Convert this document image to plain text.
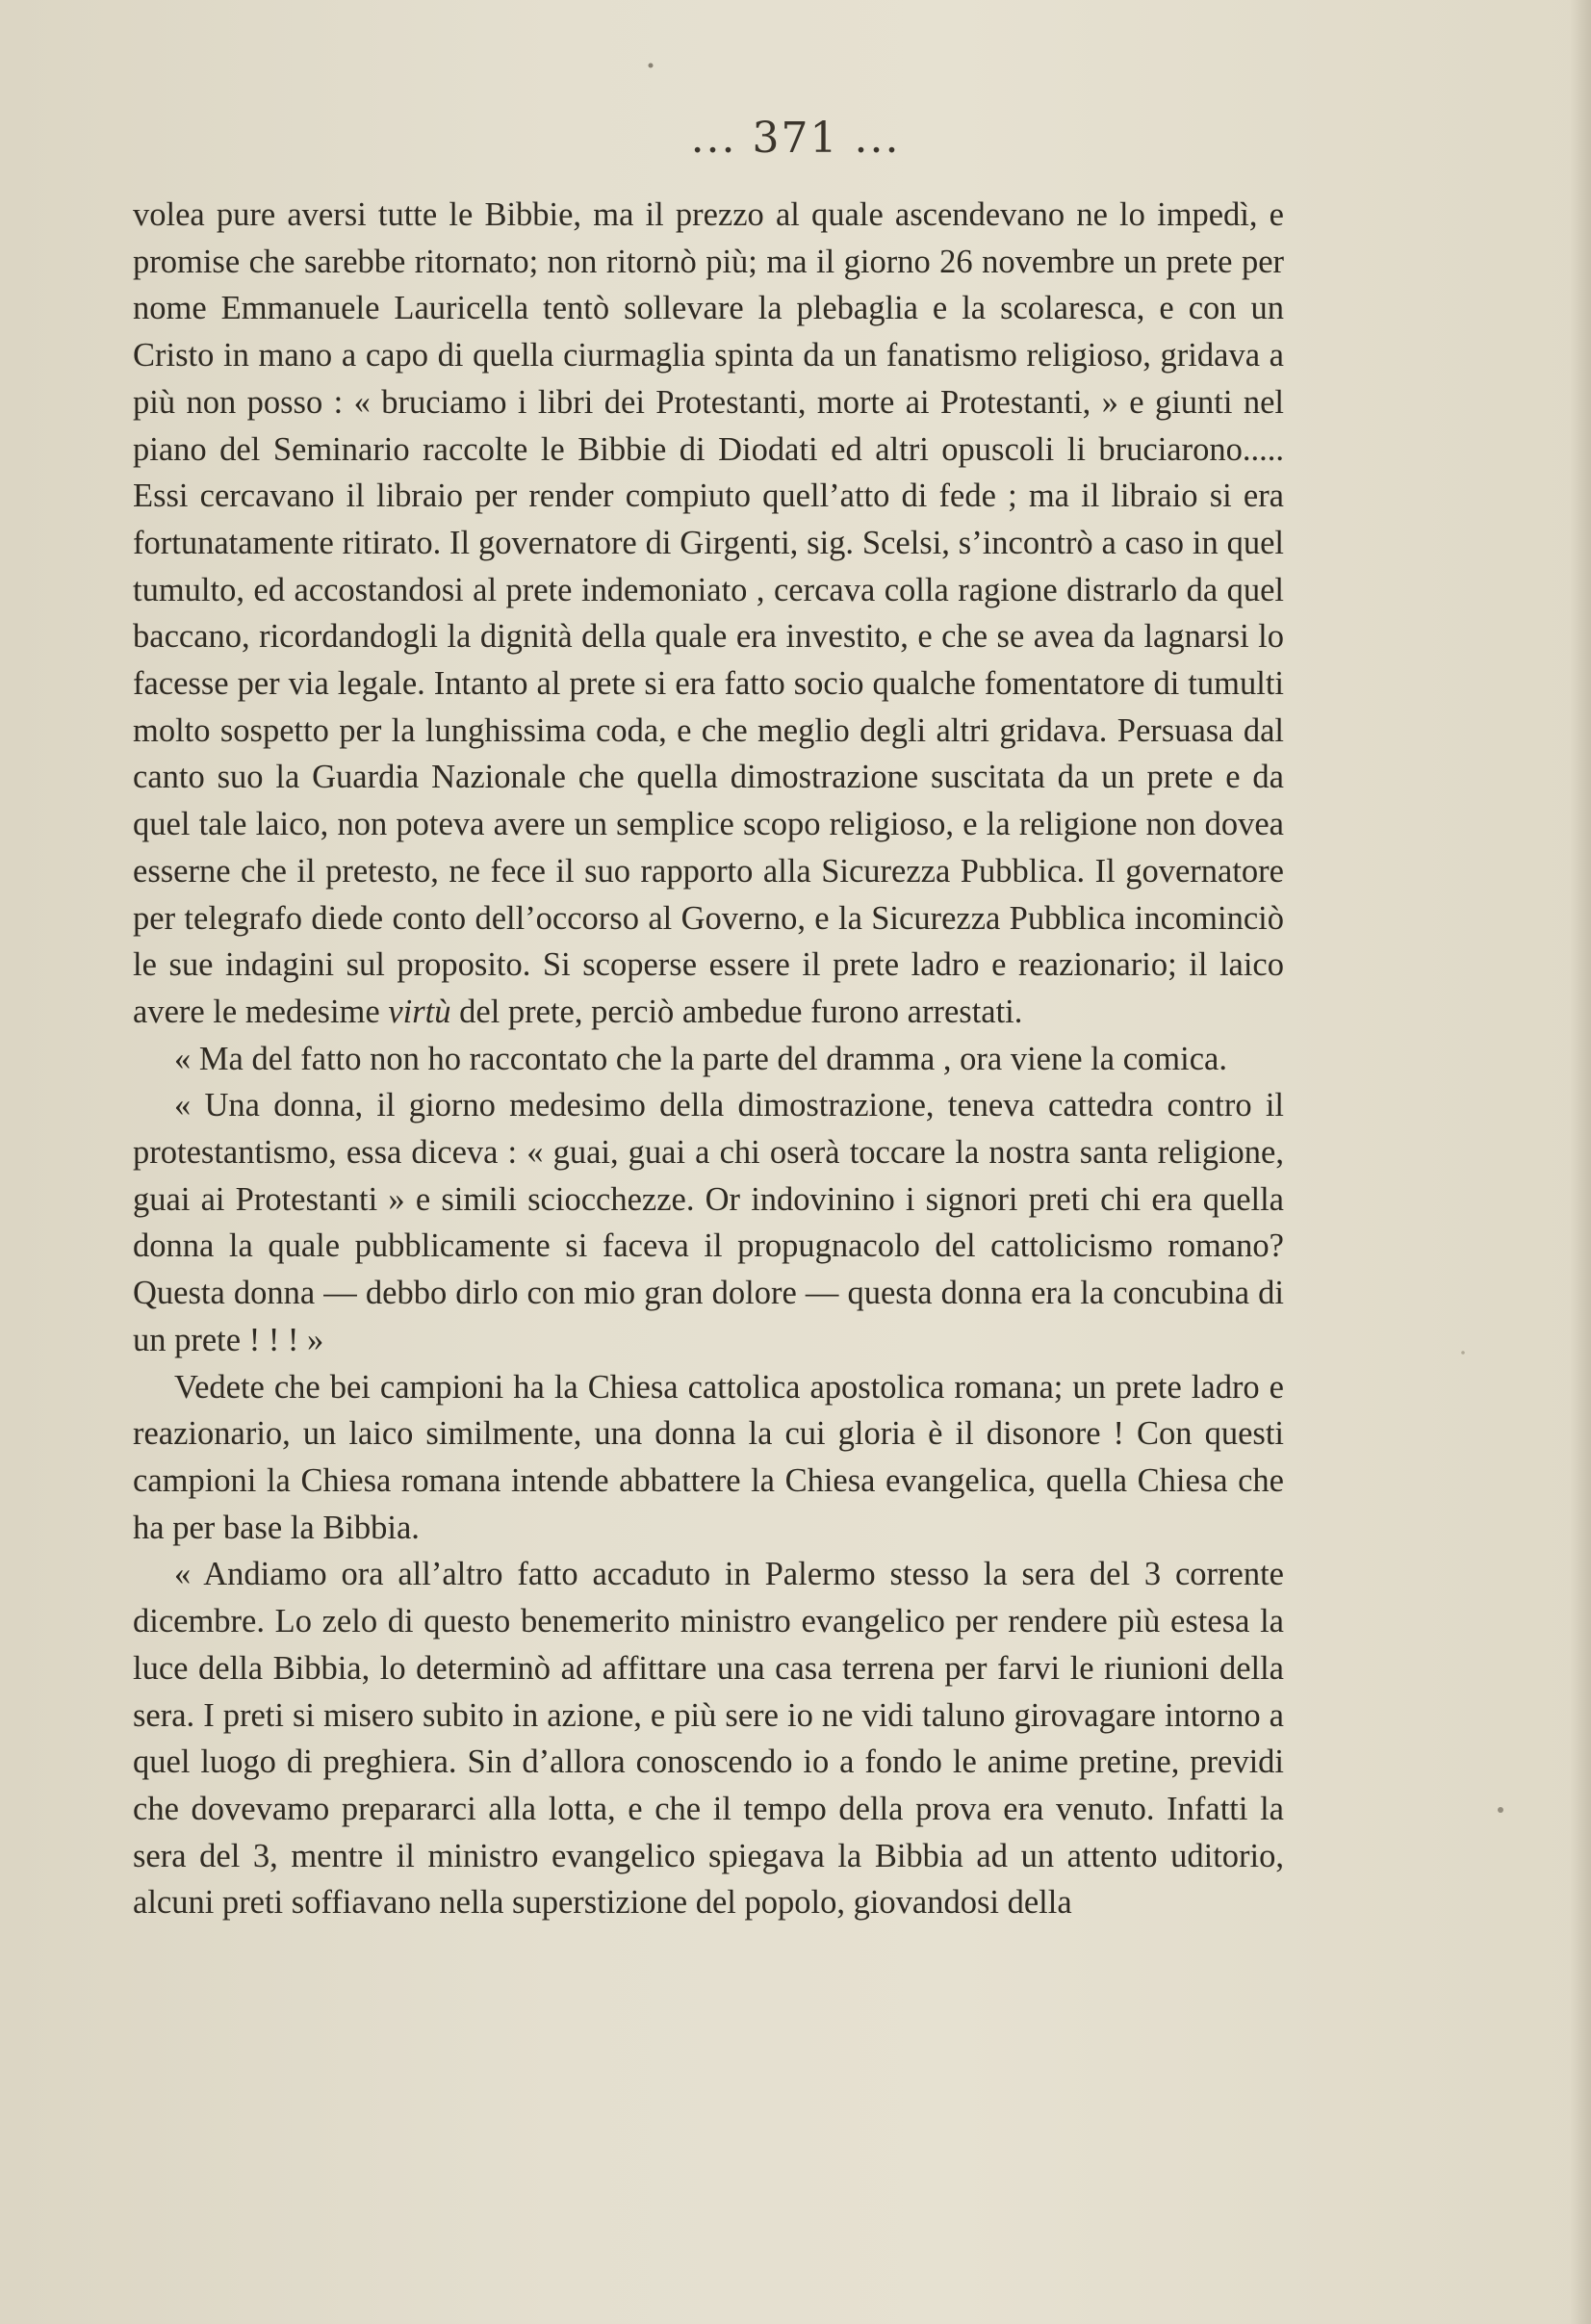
... 371 ...

volea pure aversi tutte le Bibbie, ma il prezzo al quale ascendevano ne lo impedì, e promise che sarebbe ritornato; non ritornò più; ma il giorno 26 novembre un prete per nome Emmanuele Lauricella tentò sollevare la plebaglia e la scolaresca, e con un Cristo in mano a capo di quella ciurmaglia spinta da un fanatismo religioso, gridava a più non posso : « bruciamo i libri dei Protestanti, morte ai Protestanti, » e giunti nel piano del Seminario raccolte le Bibbie di Diodati ed altri opuscoli li bruciarono..... Essi cercavano il libraio per render compiuto quell’atto di fede ; ma il libraio si era fortunatamente ritirato. Il governatore di Girgenti, sig. Scelsi, s’incontrò a caso in quel tumulto, ed accostandosi al prete indemoniato , cercava colla ragione distrarlo da quel baccano, ricordandogli la dignità della quale era investito, e che se avea da lagnarsi lo facesse per via legale. Intanto al prete si era fatto socio qualche fomentatore di tumulti molto sospetto per la lunghissima coda, e che meglio degli altri gridava. Persuasa dal canto suo la Guardia Nazionale che quella dimostrazione suscitata da un prete e da quel tale laico, non poteva avere un semplice scopo religioso, e la religione non dovea esserne che il pretesto, ne fece il suo rapporto alla Sicurezza Pubblica. Il governatore per telegrafo diede conto dell’occorso al Governo, e la Sicurezza Pubblica incominciò le sue indagini sul proposito. Si scoperse essere il prete ladro e reazionario; il laico avere le medesime virtù del prete, perciò ambedue furono arrestati.

« Ma del fatto non ho raccontato che la parte del dramma , ora viene la comica.

« Una donna, il giorno medesimo della dimostrazione, teneva cattedra contro il protestantismo, essa diceva : « guai, guai a chi oserà toccare la nostra santa religione, guai ai Protestanti » e simili sciocchezze. Or indovinino i signori preti chi era quella donna la quale pubblicamente si faceva il propugnacolo del cattolicismo romano? Questa donna — debbo dirlo con mio gran dolore — questa donna era la concubina di un prete ! ! ! »

Vedete che bei campioni ha la Chiesa cattolica apostolica romana; un prete ladro e reazionario, un laico similmente, una donna la cui gloria è il disonore ! Con questi campioni la Chiesa romana intende abbattere la Chiesa evangelica, quella Chiesa che ha per base la Bibbia.

« Andiamo ora all’altro fatto accaduto in Palermo stesso la sera del 3 corrente dicembre. Lo zelo di questo benemerito ministro evangelico per rendere più estesa la luce della Bibbia, lo determinò ad affittare una casa terrena per farvi le riunioni della sera. I preti si misero subito in azione, e più sere io ne vidi taluno girovagare intorno a quel luogo di preghiera. Sin d’allora conoscendo io a fondo le anime pretine, previdi che dovevamo prepararci alla lotta, e che il tempo della prova era venuto. Infatti la sera del 3, mentre il ministro evangelico spiegava la Bibbia ad un attento uditorio, alcuni preti soffiavano nella superstizione del popolo, giovandosi della
